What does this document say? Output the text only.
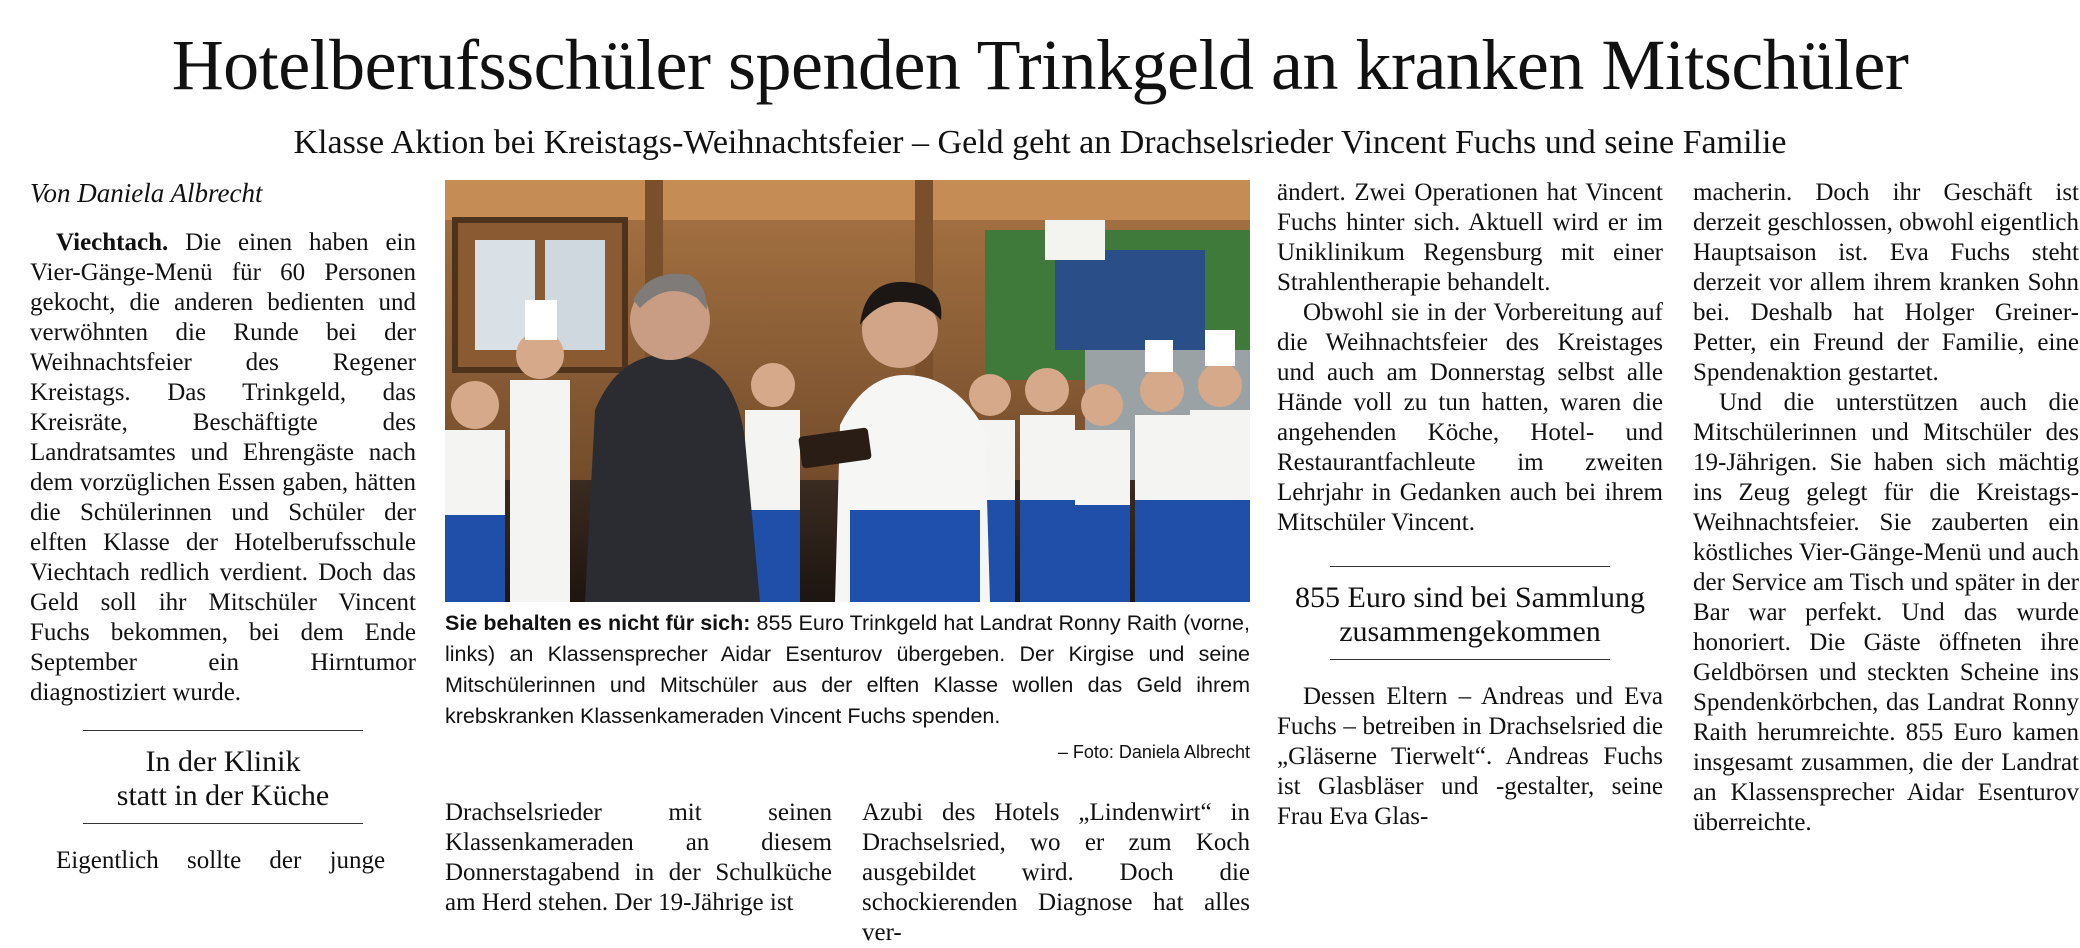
Hotelberufsschüler spenden Trinkgeld an kranken Mitschüler
Klasse Aktion bei Kreistags-Weihnachtsfeier – Geld geht an Drachselsrieder Vincent Fuchs und seine Familie

Von Daniela Albrecht

Viechtach. Die einen haben ein Vier-Gänge-Menü für 60 Personen gekocht, die anderen bedienten und verwöhnten die Runde bei der Weihnachtsfeier des Regener Kreistags. Das Trinkgeld, das Kreisräte, Beschäftigte des Landratsamtes und Ehrengäste nach dem vorzüglichen Essen gaben, hätten die Schülerinnen und Schüler der elften Klasse der Hotelberufsschule Viechtach redlich verdient. Doch das Geld soll ihr Mitschüler Vincent Fuchs bekommen, bei dem Ende September ein Hirntumor diagnostiziert wurde.

In der Klinik
statt in der Küche

Eigentlich sollte der junge

Sie behalten es nicht für sich: 855 Euro Trinkgeld hat Landrat Ronny Raith (vorne, links) an Klassensprecher Aidar Esenturov übergeben. Der Kirgise und seine Mitschülerinnen und Mitschüler aus der elften Klasse wollen das Geld ihrem krebskranken Klassenkameraden Vincent Fuchs spenden.

– Foto: Daniela Albrecht

Drachselsrieder mit seinen Klassenkameraden an diesem Donnerstagabend in der Schulküche am Herd stehen. Der 19-Jährige ist

Azubi des Hotels „Lindenwirt“ in Drachselsried, wo er zum Koch ausgebildet wird. Doch die schockierenden Diagnose hat alles ver-

ändert. Zwei Operationen hat Vincent Fuchs hinter sich. Aktuell wird er im Uniklinikum Regensburg mit einer Strahlentherapie behandelt.

Obwohl sie in der Vorbereitung auf die Weihnachtsfeier des Kreistages und auch am Donnerstag selbst alle Hände voll zu tun hatten, waren die angehenden Köche, Hotel- und Restaurantfachleute im zweiten Lehrjahr in Gedanken auch bei ihrem Mitschüler Vincent.

855 Euro sind bei Sammlung
zusammengekommen

Dessen Eltern – Andreas und Eva Fuchs – betreiben in Drachselsried die „Gläserne Tierwelt“. Andreas Fuchs ist Glasbläser und -gestalter, seine Frau Eva Glas-

macherin. Doch ihr Geschäft ist derzeit geschlossen, obwohl eigentlich Hauptsaison ist. Eva Fuchs steht derzeit vor allem ihrem kranken Sohn bei. Deshalb hat Holger Greiner-Petter, ein Freund der Familie, eine Spendenaktion gestartet.

Und die unterstützen auch die Mitschülerinnen und Mitschüler des 19-Jährigen. Sie haben sich mächtig ins Zeug gelegt für die Kreistags-Weihnachtsfeier. Sie zauberten ein köstliches Vier-Gänge-Menü und auch der Service am Tisch und später in der Bar war perfekt. Und das wurde honoriert. Die Gäste öffneten ihre Geldbörsen und steckten Scheine ins Spendenkörbchen, das Landrat Ronny Raith herumreichte. 855 Euro kamen insgesamt zusammen, die der Landrat an Klassensprecher Aidar Esenturov überreichte.
